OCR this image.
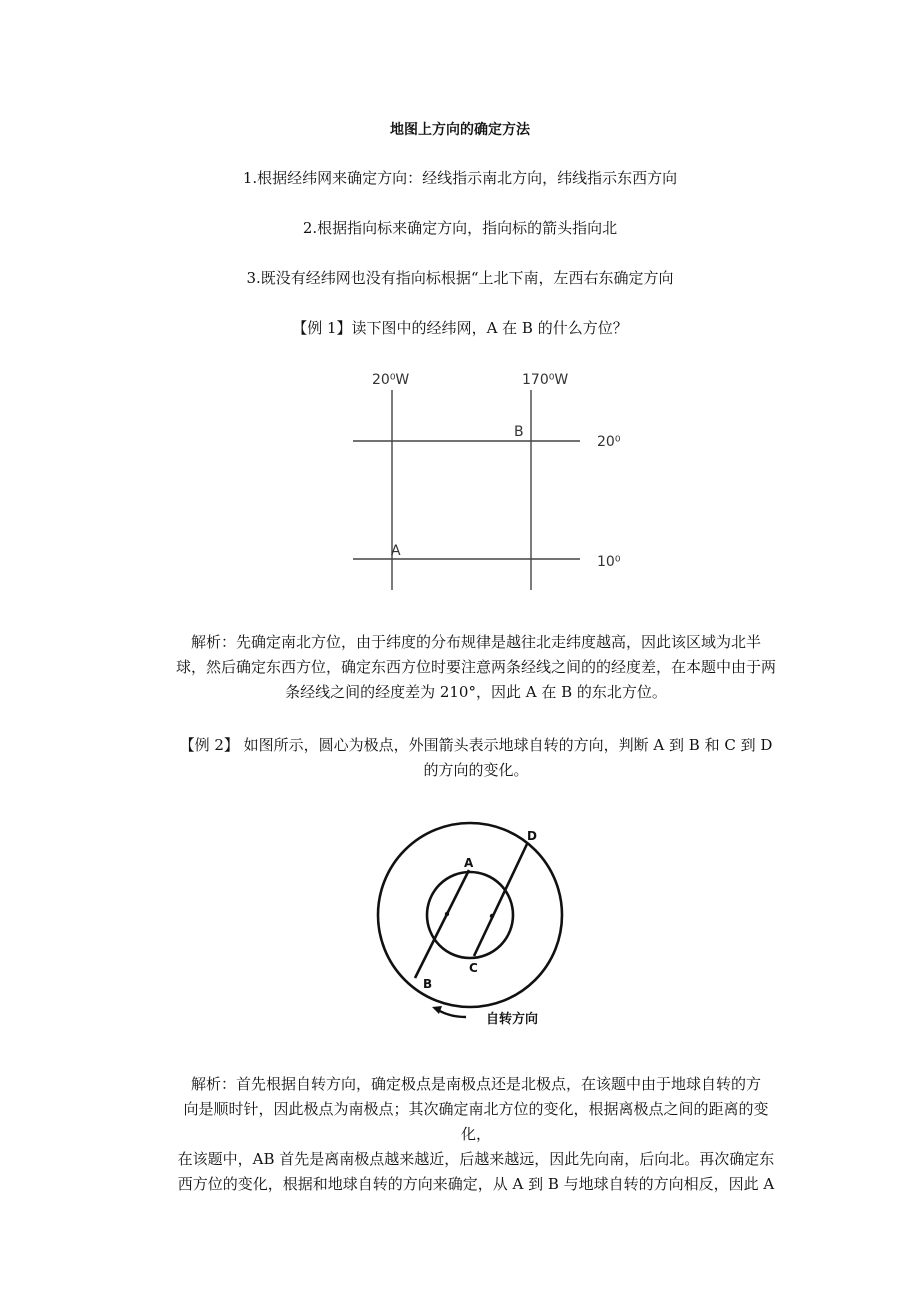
地图上方向的确定方法
1.根据经纬网来确定方向：经线指示南北方向，纬线指示东西方向
2.根据指向标来确定方向，指向标的箭头指向北
3.既没有经纬网也没有指向标根据“上北下南，左西右东确定方向
【例 1】读下图中的经纬网，A 在 B 的什么方位？
20⁰W	170⁰W
20⁰
10⁰
B
A

解析：先确定南北方位，由于纬度的分布规律是越往北走纬度越高，因此该区域为北半

球，然后确定东西方位，确定东西方位时要注意两条经线之间的的经度差，在本题中由于两

条经线之间的经度差为 210°，因此 A 在 B 的东北方位。

【例 2】 如图所示，圆心为极点，外围箭头表示地球自转的方向，判断 A 到 B 和 C 到 D

的方向的变化。

A
B
C
D
自转方向

解析：首先根据自转方向，确定极点是南极点还是北极点，在该题中由于地球自转的方

向是顺时针，因此极点为南极点；其次确定南北方位的变化，根据离极点之间的距离的变化，

在该题中，AB 首先是离南极点越来越近，后越来越远，因此先向南，后向北。再次确定东

西方位的变化，根据和地球自转的方向来确定，从 A 到 B 与地球自转的方向相反，因此 A
